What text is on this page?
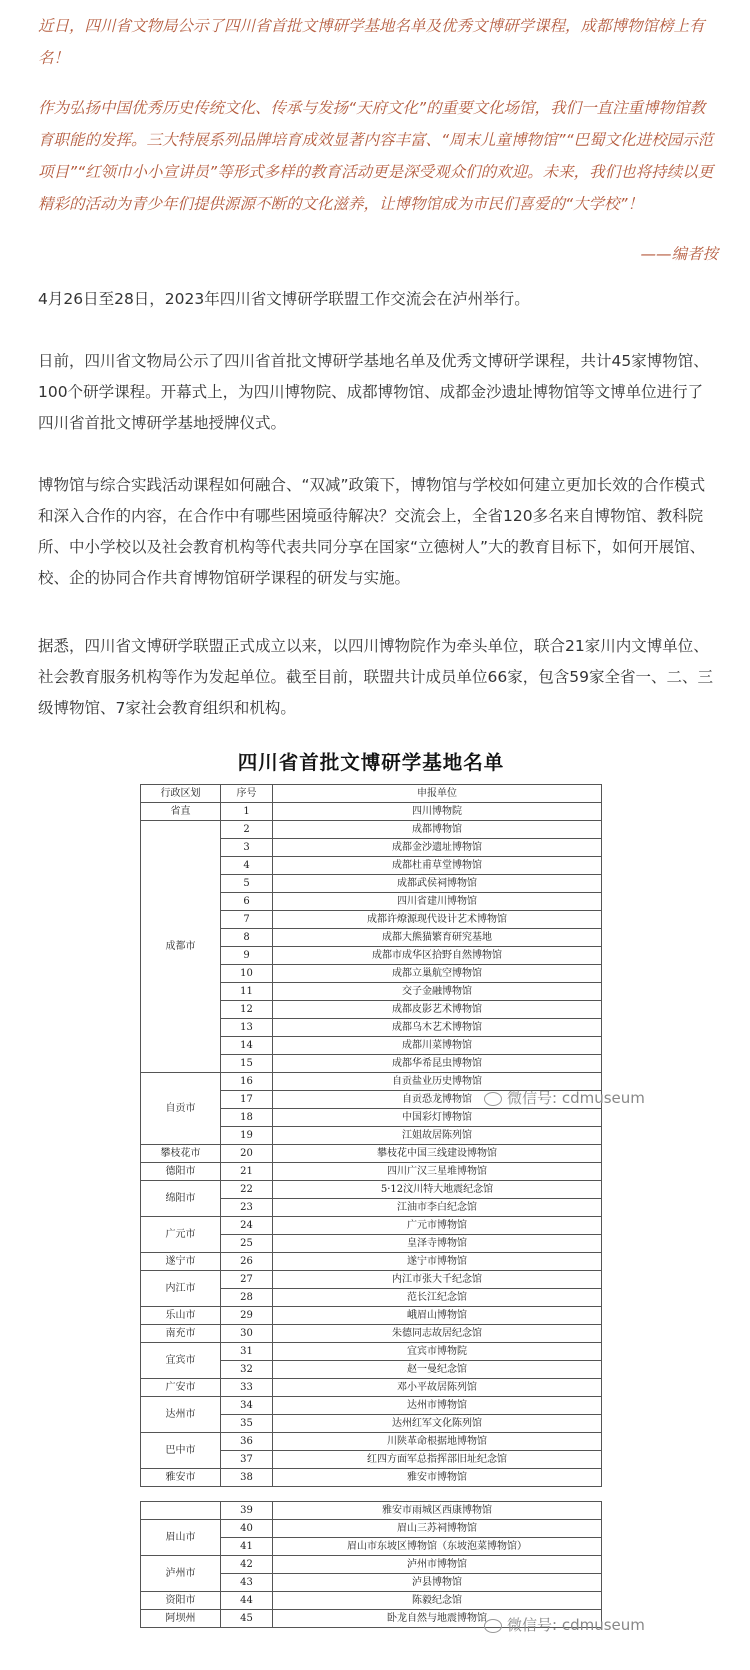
近日，四川省文物局公示了四川省首批文博研学基地名单及优秀文博研学课程，成都博物馆榜上有名！

作为弘扬中国优秀历史传统文化、传承与发扬“天府文化”的重要文化场馆，我们一直注重博物馆教育职能的发挥。三大特展系列品牌培育成效显著内容丰富、“周末儿童博物馆”“巴蜀文化进校园示范项目”“红领巾小小宣讲员”等形式多样的教育活动更是深受观众们的欢迎。未来，我们也将持续以更精彩的活动为青少年们提供源源不断的文化滋养，让博物馆成为市民们喜爱的“大学校”！

——编者按

4月26日至28日，2023年四川省文博研学联盟工作交流会在泸州举行。

日前，四川省文物局公示了四川省首批文博研学基地名单及优秀文博研学课程，共计45家博物馆、100个研学课程。开幕式上，为四川博物院、成都博物馆、成都金沙遗址博物馆等文博单位进行了四川省首批文博研学基地授牌仪式。

博物馆与综合实践活动课程如何融合、“双减”政策下，博物馆与学校如何建立更加长效的合作模式和深入合作的内容，在合作中有哪些困境亟待解决？交流会上，全省120多名来自博物馆、教科院所、中小学校以及社会教育机构等代表共同分享在国家“立德树人”大的教育目标下，如何开展馆、校、企的协同合作共育博物馆研学课程的研发与实施。

据悉，四川省文博研学联盟正式成立以来，以四川博物院作为牵头单位，联合21家川内文博单位、社会教育服务机构等作为发起单位。截至目前，联盟共计成员单位66家，包含59家全省一、二、三级博物馆、7家社会教育组织和机构。

四川省首批文博研学基地名单
行政区划	序号	申报单位
省直	1	四川博物院
成都市	2	成都博物馆
	3	成都金沙遗址博物馆
	4	成都杜甫草堂博物馆
	5	成都武侯祠博物馆
	6	四川省建川博物馆
	7	成都许燎源现代设计艺术博物馆
	8	成都大熊猫繁育研究基地
	9	成都市成华区拾野自然博物馆
	10	成都立巢航空博物馆
	11	交子金融博物馆
	12	成都皮影艺术博物馆
	13	成都乌木艺术博物馆
	14	成都川菜博物馆
	15	成都华希昆虫博物馆
自贡市	16	自贡盐业历史博物馆
	17	自贡恐龙博物馆
	18	中国彩灯博物馆
	19	江姐故居陈列馆
攀枝花市	20	攀枝花中国三线建设博物馆
德阳市	21	四川广汉三星堆博物馆
绵阳市	22	5·12汶川特大地震纪念馆
	23	江油市李白纪念馆
广元市	24	广元市博物馆
	25	皇泽寺博物馆
遂宁市	26	遂宁市博物馆
内江市	27	内江市张大千纪念馆
	28	范长江纪念馆
乐山市	29	峨眉山博物馆
南充市	30	朱德同志故居纪念馆
宜宾市	31	宜宾市博物院
	32	赵一曼纪念馆
广安市	33	邓小平故居陈列馆
达州市	34	达州市博物馆
	35	达州红军文化陈列馆
巴中市	36	川陕革命根据地博物馆
	37	红四方面军总指挥部旧址纪念馆
雅安市	38	雅安市博物馆
微信号: cdmuseum
	39	雅安市雨城区西康博物馆
眉山市	40	眉山三苏祠博物馆
	41	眉山市东坡区博物馆（东坡泡菜博物馆）
泸州市	42	泸州市博物馆
	43	泸县博物馆
资阳市	44	陈毅纪念馆
阿坝州	45	卧龙自然与地震博物馆	微信号: cdmuseum
